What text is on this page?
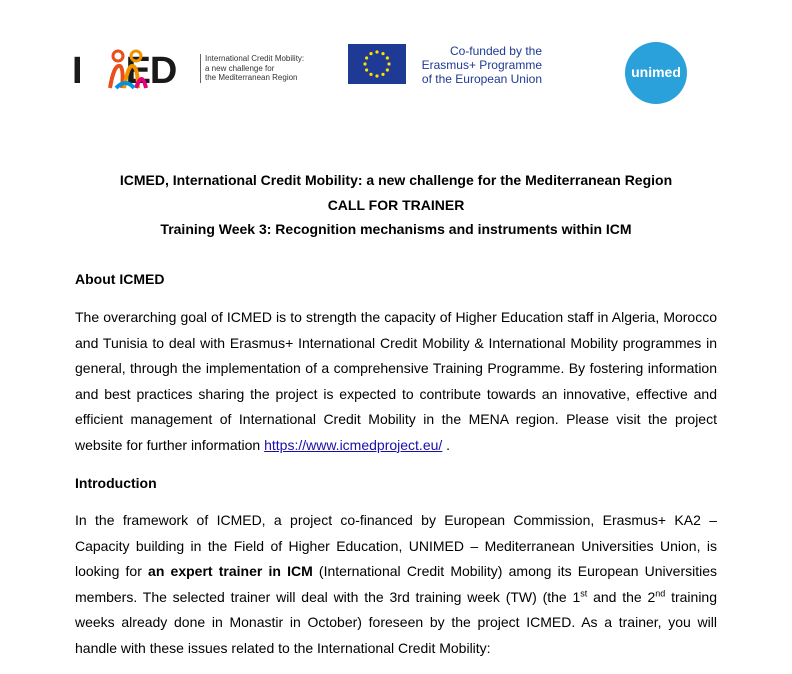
I ED	International Credit Mobility:
a new challenge for
the Mediterranean Region
Co-funded by the
Erasmus+ Programme
of the European Union	unimed
ICMED, International Credit Mobility: a new challenge for the Mediterranean Region
CALL FOR TRAINER
Training Week 3: Recognition mechanisms and instruments within ICM

About ICMED

The overarching goal of ICMED is to strength the capacity of Higher Education staff in Algeria, Morocco and Tunisia to deal with Erasmus+ International Credit Mobility & International Mobility programmes in general, through the implementation of a comprehensive Training Programme. By fostering information and best practices sharing the project is expected to contribute towards an innovative, effective and efficient management of International Credit Mobility in the MENA region. Please visit the project website for further information https://www.icmedproject.eu/ .

Introduction

In the framework of ICMED, a project co-financed by European Commission, Erasmus+ KA2 – Capacity building in the Field of Higher Education, UNIMED – Mediterranean Universities Union, is looking for an expert trainer in ICM (International Credit Mobility) among its European Universities members. The selected trainer will deal with the 3rd training week (TW) (the 1st and the 2nd training weeks already done in Monastir in October) foreseen by the project ICMED. As a trainer, you will handle with these issues related to the International Credit Mobility:
